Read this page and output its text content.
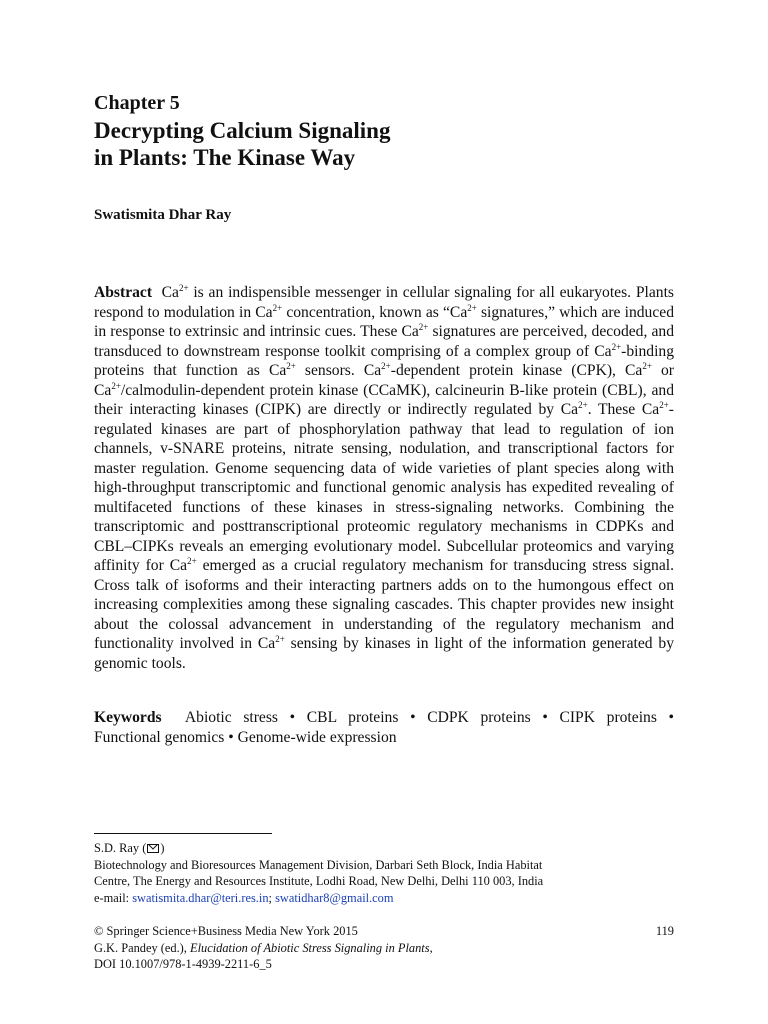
Chapter 5
Decrypting Calcium Signaling
in Plants: The Kinase Way
Swatismita Dhar Ray

Abstract $Ca^{2+}$ is an indispensible messenger in cellular signaling for all eukaryotes. Plants respond to modulation in $Ca^{2+}$ concentration, known as “$Ca^{2+}$ signatures,” which are induced in response to extrinsic and intrinsic cues. These $Ca^{2+}$ signatures are perceived, decoded, and transduced to downstream response toolkit comprising of a complex group of $Ca^{2+}$-binding proteins that function as $Ca^{2+}$ sensors. $Ca^{2+}$-dependent protein kinase (CPK), $Ca^{2+}$ or $Ca^{2+}/calmodulin$-dependent protein kinase (CCaMK), calcineurin B-like protein (CBL), and their interacting kinases (CIPK) are directly or indirectly regulated by $Ca^{2+}$. These $Ca^{2+}$-regulated kinases are part of phosphorylation pathway that lead to regulation of ion channels, v-SNARE proteins, nitrate sensing, nodulation, and transcriptional factors for master regulation. Genome sequencing data of wide varieties of plant species along with high-throughput transcriptomic and functional genomic analysis has expedited revealing of multifaceted functions of these kinases in stress-signaling networks. Combining the transcriptomic and posttranscriptional proteomic regulatory mechanisms in CDPKs and CBL–CIPKs reveals an emerging evolutionary model. Subcellular proteomics and varying affinity for $Ca^{2+}$ emerged as a crucial regulatory mechanism for transducing stress signal. Cross talk of isoforms and their interacting partners adds on to the humongous effect on increasing complexities among these signaling cascades. This chapter provides new insight about the colossal advancement in understanding of the regulatory mechanism and functionality involved in $Ca^{2+}$ sensing by kinases in light of the information generated by genomic tools.

Keywords Abiotic stress • CBL proteins • CDPK proteins • CIPK proteins •
Functional genomics • Genome-wide expression

S.D. Ray ( )
Biotechnology and Bioresources Management Division, Darbari Seth Block, India Habitat
Centre, The Energy and Resources Institute, Lodhi Road, New Delhi, Delhi 110 003, India
e-mail: swatismita.dhar@teri.res.in; swatidhar8@gmail.com
© Springer Science+Business Media New York 2015
G.K. Pandey (ed.), Elucidation of Abiotic Stress Signaling in Plants,
DOI 10.1007/978-1-4939-2211-6_5
119
